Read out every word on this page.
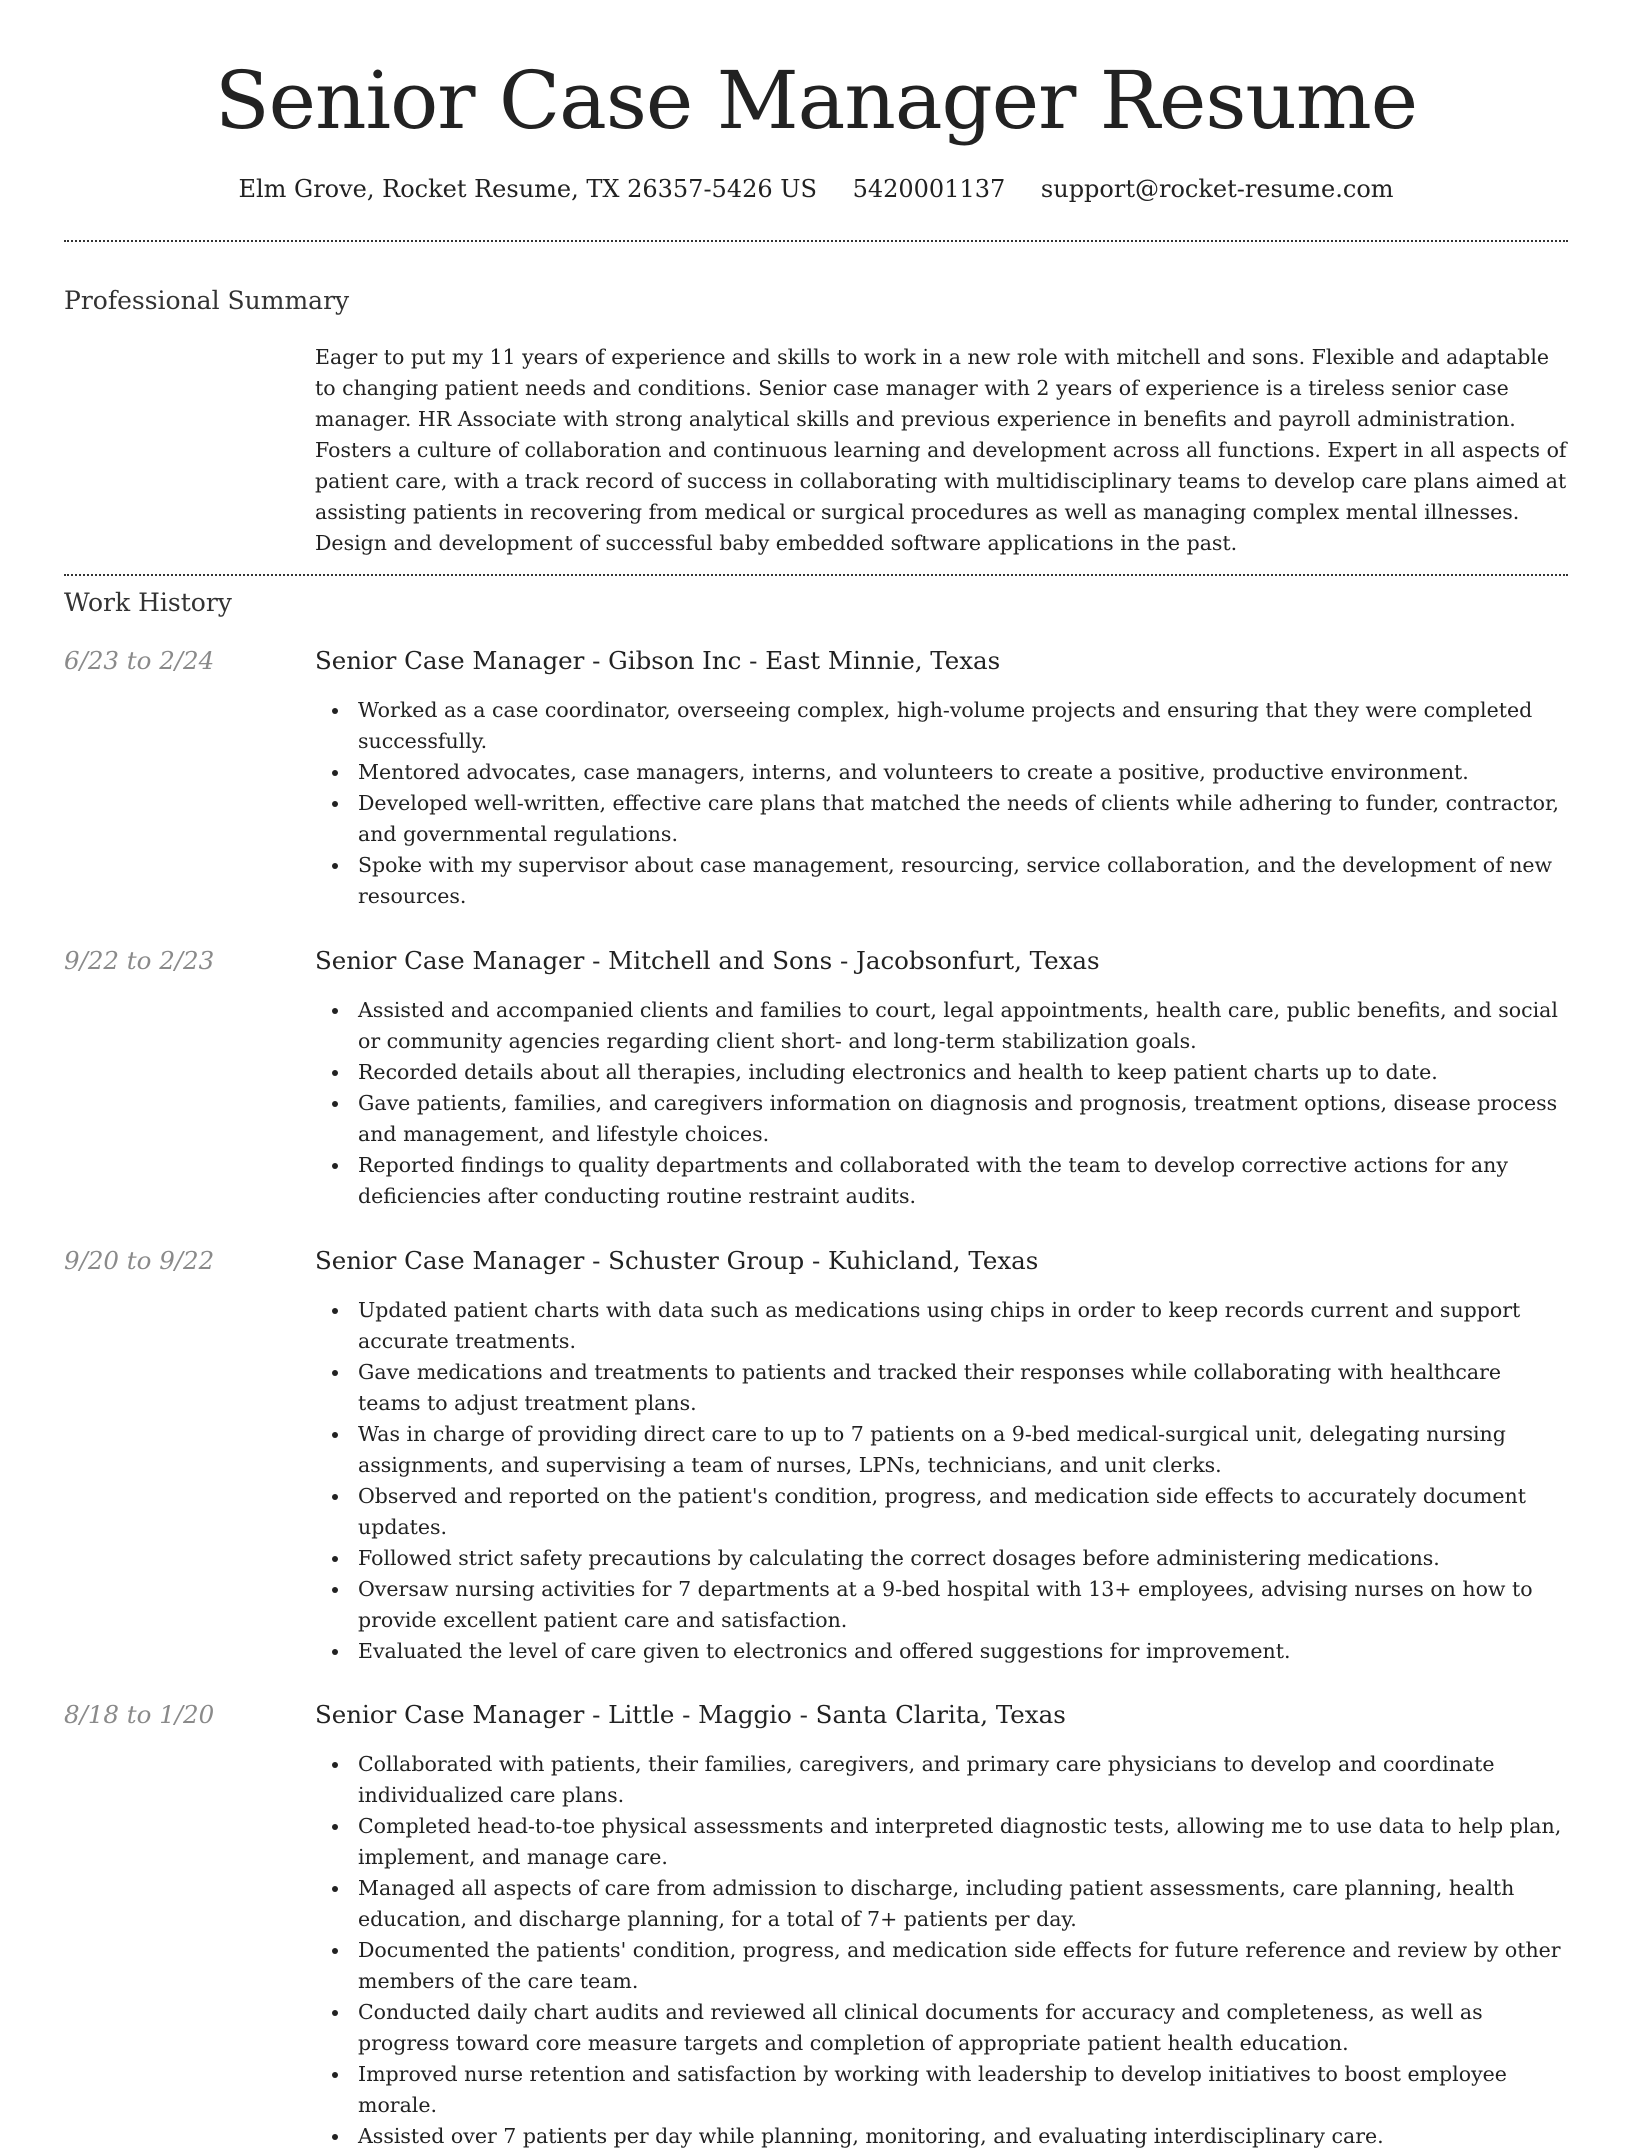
Senior Case Manager Resume
Elm Grove, Rocket Resume, TX 26357-5426 US 5420001137 support@rocket-resume.com
Professional Summary

Eager to put my 11 years of experience and skills to work in a new role with mitchell and sons. Flexible and adaptable to changing patient needs and conditions. Senior case manager with 2 years of experience is a tireless senior case manager. HR Associate with strong analytical skills and previous experience in benefits and payroll administration. Fosters a culture of collaboration and continuous learning and development across all functions. Expert in all aspects of patient care, with a track record of success in collaborating with multidisciplinary teams to develop care plans aimed at assisting patients in recovering from medical or surgical procedures as well as managing complex mental illnesses. Design and development of successful baby embedded software applications in the past.

Work History
6/23 to 2/24	Senior Case Manager - Gibson Inc - East Minnie, Texas
Worked as a case coordinator, overseeing complex, high-volume projects and ensuring that they were completed successfully.
Mentored advocates, case managers, interns, and volunteers to create a positive, productive environment.
Developed well-written, effective care plans that matched the needs of clients while adhering to funder, contractor, and governmental regulations.
Spoke with my supervisor about case management, resourcing, service collaboration, and the development of new resources.
9/22 to 2/23	Senior Case Manager - Mitchell and Sons - Jacobsonfurt, Texas
Assisted and accompanied clients and families to court, legal appointments, health care, public benefits, and social or community agencies regarding client short- and long-term stabilization goals.
Recorded details about all therapies, including electronics and health to keep patient charts up to date.
Gave patients, families, and caregivers information on diagnosis and prognosis, treatment options, disease process and management, and lifestyle choices.
Reported findings to quality departments and collaborated with the team to develop corrective actions for any deficiencies after conducting routine restraint audits.
9/20 to 9/22	Senior Case Manager - Schuster Group - Kuhicland, Texas
Updated patient charts with data such as medications using chips in order to keep records current and support accurate treatments.
Gave medications and treatments to patients and tracked their responses while collaborating with healthcare teams to adjust treatment plans.
Was in charge of providing direct care to up to 7 patients on a 9-bed medical-surgical unit, delegating nursing assignments, and supervising a team of nurses, LPNs, technicians, and unit clerks.
Observed and reported on the patient's condition, progress, and medication side effects to accurately document updates.
Followed strict safety precautions by calculating the correct dosages before administering medications.
Oversaw nursing activities for 7 departments at a 9-bed hospital with 13+ employees, advising nurses on how to provide excellent patient care and satisfaction.
Evaluated the level of care given to electronics and offered suggestions for improvement.
8/18 to 1/20	Senior Case Manager - Little - Maggio - Santa Clarita, Texas
Collaborated with patients, their families, caregivers, and primary care physicians to develop and coordinate individualized care plans.
Completed head-to-toe physical assessments and interpreted diagnostic tests, allowing me to use data to help plan, implement, and manage care.
Managed all aspects of care from admission to discharge, including patient assessments, care planning, health education, and discharge planning, for a total of 7+ patients per day.
Documented the patients' condition, progress, and medication side effects for future reference and review by other members of the care team.
Conducted daily chart audits and reviewed all clinical documents for accuracy and completeness, as well as progress toward core measure targets and completion of appropriate patient health education.
Improved nurse retention and satisfaction by working with leadership to develop initiatives to boost employee morale.
Assisted over 7 patients per day while planning, monitoring, and evaluating interdisciplinary care.
